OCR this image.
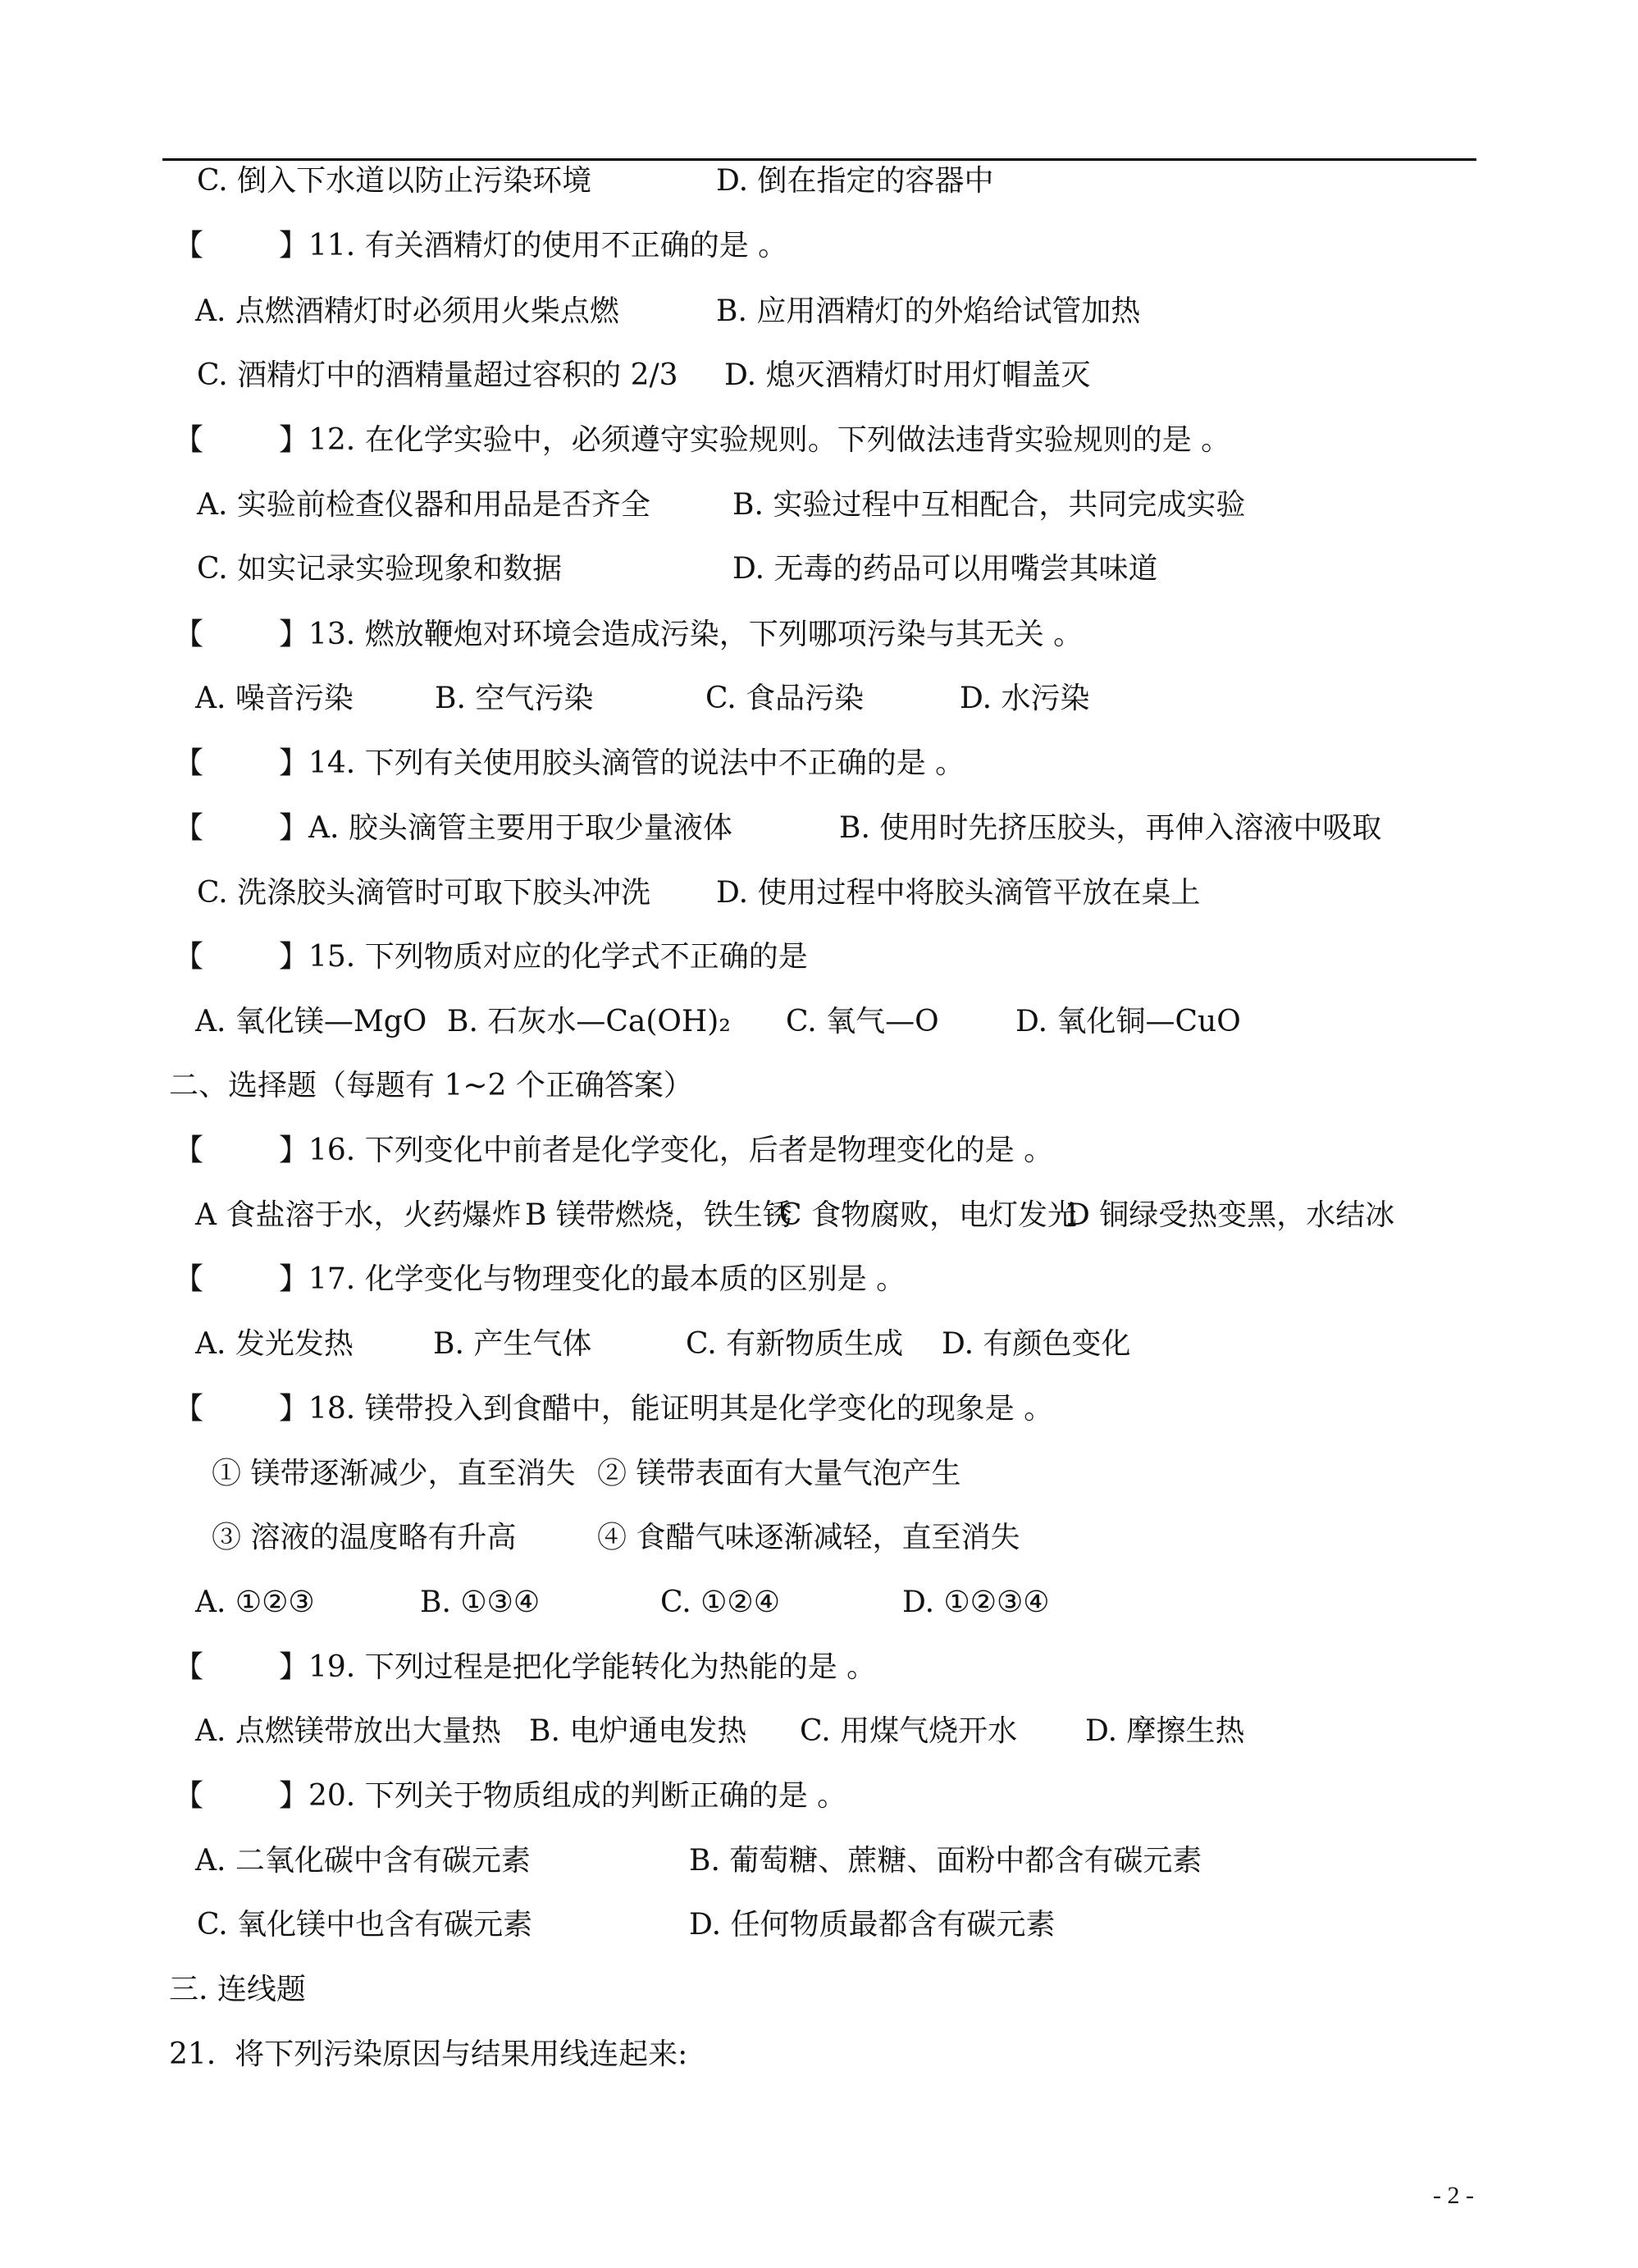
C. 倒入下水道以防止污染环境	D. 倒在指定的容器中
【	】11. 有关酒精灯的使用不正确的是 。
A. 点燃酒精灯时必须用火柴点燃	B. 应用酒精灯的外焰给试管加热
C. 酒精灯中的酒精量超过容积的 2/3 D. 熄灭酒精灯时用灯帽盖灭
【	】12. 在化学实验中，必须遵守实验规则。下列做法违背实验规则的是 。
A. 实验前检查仪器和用品是否齐全	B. 实验过程中互相配合，共同完成实验
C. 如实记录实验现象和数据	D. 无毒的药品可以用嘴尝其味道
【	】13. 燃放鞭炮对环境会造成污染，下列哪项污染与其无关 。
A. 噪音污染	B. 空气污染	C. 食品污染	D. 水污染
【	】14. 下列有关使用胶头滴管的说法中不正确的是 。
【	】A. 胶头滴管主要用于取少量液体	B. 使用时先挤压胶头，再伸入溶液中吸取
C. 洗涤胶头滴管时可取下胶头冲洗 D. 使用过程中将胶头滴管平放在桌上
【	】15. 下列物质对应的化学式不正确的是
A. 氧化镁—MgO B. 石灰水—Ca(OH)₂ C. 氧气—O	D. 氧化铜—CuO
二、选择题（每题有 1~2 个正确答案）
【	】16. 下列变化中前者是化学变化，后者是物理变化的是 。
A 食盐溶于水，火药爆炸 B 镁带燃烧，铁生锈
C 食物腐败，电灯发光
D 铜绿受热变黑，水结冰
【	】17. 化学变化与物理变化的最本质的区别是 。
A. 发光发热	B. 产生气体	C. 有新物质生成 D. 有颜色变化
【	】18. 镁带投入到食醋中，能证明其是化学变化的现象是 。
① 镁带逐渐减少，直至消失 ② 镁带表面有大量气泡产生
③ 溶液的温度略有升高	④ 食醋气味逐渐减轻，直至消失
A. ①②③	B. ①③④	C. ①②④	D. ①②③④
【	】19. 下列过程是把化学能转化为热能的是 。
A. 点燃镁带放出大量热 B. 电炉通电发热 C. 用煤气烧开水 D. 摩擦生热
【	】20. 下列关于物质组成的判断正确的是 。
A. 二氧化碳中含有碳元素	B. 葡萄糖、蔗糖、面粉中都含有碳元素
C. 氧化镁中也含有碳元素	D. 任何物质最都含有碳元素
三. 连线题
21.  将下列污染原因与结果用线连起来:
- 2 -
